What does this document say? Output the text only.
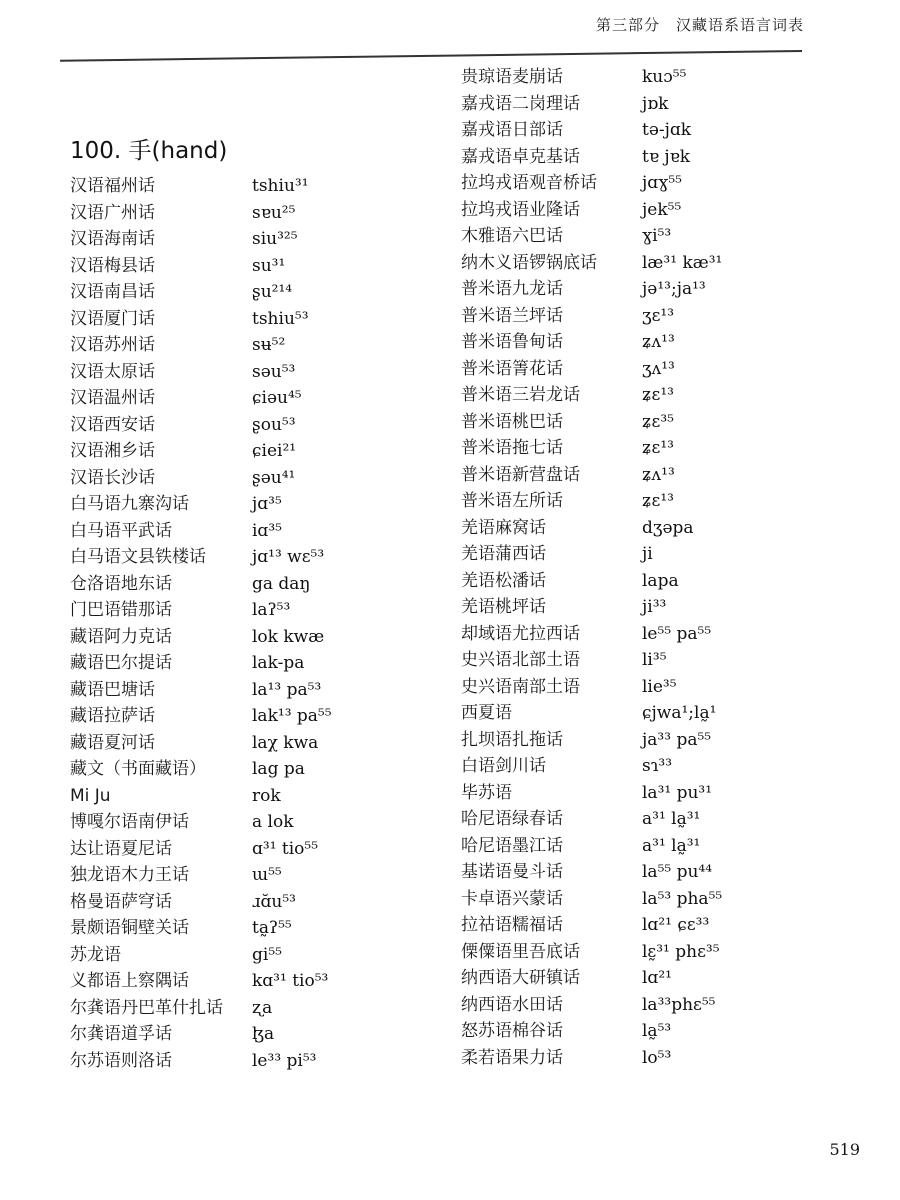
第三部分　汉藏语系语言词表
100. 手(hand)
汉语福州话	tshiu³¹
汉语广州话	sɐu²⁵
汉语海南话	siu³²⁵
汉语梅县话	su³¹
汉语南昌话	ʂu²¹⁴
汉语厦门话	tshiu⁵³
汉语苏州话	sʉ⁵²
汉语太原话	səu⁵³
汉语温州话	ɕiəu⁴⁵
汉语西安话	ʂou⁵³
汉语湘乡话	ɕiei²¹
汉语长沙话	ʂəu⁴¹
白马语九寨沟话	jɑ³⁵
白马语平武话	iɑ³⁵
白马语文县铁楼话	jɑ¹³ wɛ⁵³
仓洛语地东话	ga daŋ
门巴语错那话	laʔ⁵³
藏语阿力克话	lok kwæ
藏语巴尔提话	lak-pa
藏语巴塘话	la¹³ pa⁵³
藏语拉萨话	lak¹³ pa⁵⁵
藏语夏河话	laχ kwa
藏文（书面藏语）	lag pa
Mi Ju	rok
博嘎尔语南伊话	a lok
达让语夏尼话	ɑ³¹ tio⁵⁵
独龙语木力王话	ɯ⁵⁵
格曼语萨穹话	ɹɑ̆u⁵³
景颇语铜壁关话	ta̰ʔ⁵⁵
苏龙语	gi⁵⁵
义都语上察隅话	kɑ³¹ tio⁵³
尔龚语丹巴革什扎话 ʐa
尔龚语道孚话	ɮa
尔苏语则洛话	le³³ pi⁵³
贵琼语麦崩话	kuɔ⁵⁵
嘉戎语二岗理话	jɒk
嘉戎语日部话	tə-jɑk
嘉戎语卓克基话	tɐ jɐk
拉坞戎语观音桥话	jɑɣ⁵⁵
拉坞戎语业隆话	jek⁵⁵
木雅语六巴话	ɣi⁵³
纳木义语锣锅底话	læ³¹ kæ³¹
普米语九龙话	jə¹³;ja¹³
普米语兰坪话	ʒɛ¹³
普米语鲁甸话	ʑʌ¹³
普米语箐花话	ʒʌ¹³
普米语三岩龙话	ʑɛ¹³
普米语桃巴话	ʑɛ³⁵
普米语拖七话	ʑɛ¹³
普米语新营盘话	ʑʌ¹³
普米语左所话	ʑɛ¹³
羌语麻窝话	dʒəpa
羌语蒲西话	ji
羌语松潘话	lapa
羌语桃坪话	ji³³
却域语尤拉西话	le⁵⁵ pa⁵⁵
史兴语北部土语	li³⁵
史兴语南部土语	lie³⁵
西夏语	ɕjwa¹;la̰¹
扎坝语扎拖话	ja³³ pa⁵⁵
白语剑川话	sɿ³³
毕苏语	la³¹ pu³¹
哈尼语绿春话	a³¹ la̰³¹
哈尼语墨江话	a³¹ la̰³¹
基诺语曼斗话	la⁵⁵ pu⁴⁴
卡卓语兴蒙话	la⁵³ pha⁵⁵
拉祜语糯福话	lɑ²¹ ɕɛ³³
傈僳语里吾底话	lɛ̰³¹ phɛ³⁵
纳西语大研镇话	lɑ²¹
纳西语水田话	la³³phɛ⁵⁵
怒苏语棉谷话	la̰⁵³
柔若语果力话	lo⁵³
519
